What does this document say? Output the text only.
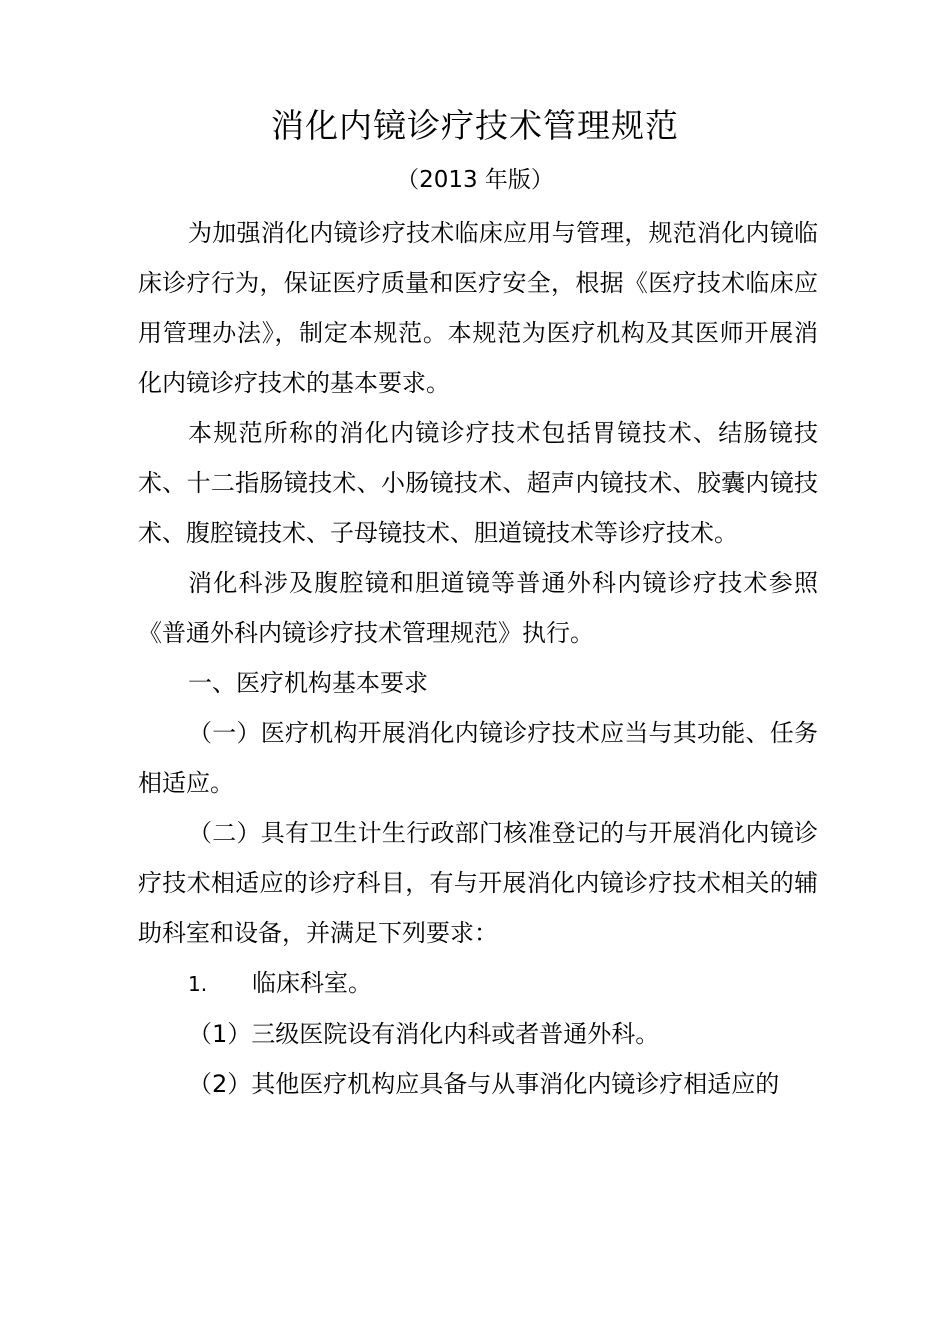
消化内镜诊疗技术管理规范
（2013 年版）

为加强消化内镜诊疗技术临床应用与管理，规范消化内镜临床诊疗行为，保证医疗质量和医疗安全，根据《医疗技术临床应用管理办法》，制定本规范。本规范为医疗机构及其医师开展消化内镜诊疗技术的基本要求。

本规范所称的消化内镜诊疗技术包括胃镜技术、结肠镜技术、十二指肠镜技术、小肠镜技术、超声内镜技术、胶囊内镜技术、腹腔镜技术、子母镜技术、胆道镜技术等诊疗技术。

消化科涉及腹腔镜和胆道镜等普通外科内镜诊疗技术参照《普通外科内镜诊疗技术管理规范》执行。

一、医疗机构基本要求

（一）医疗机构开展消化内镜诊疗技术应当与其功能、任务相适应。

（二）具有卫生计生行政部门核准登记的与开展消化内镜诊疗技术相适应的诊疗科目，有与开展消化内镜诊疗技术相关的辅助科室和设备，并满足下列要求：

1. 临床科室。

（1）三级医院设有消化内科或者普通外科。

（2）其他医疗机构应具备与从事消化内镜诊疗相适应的
